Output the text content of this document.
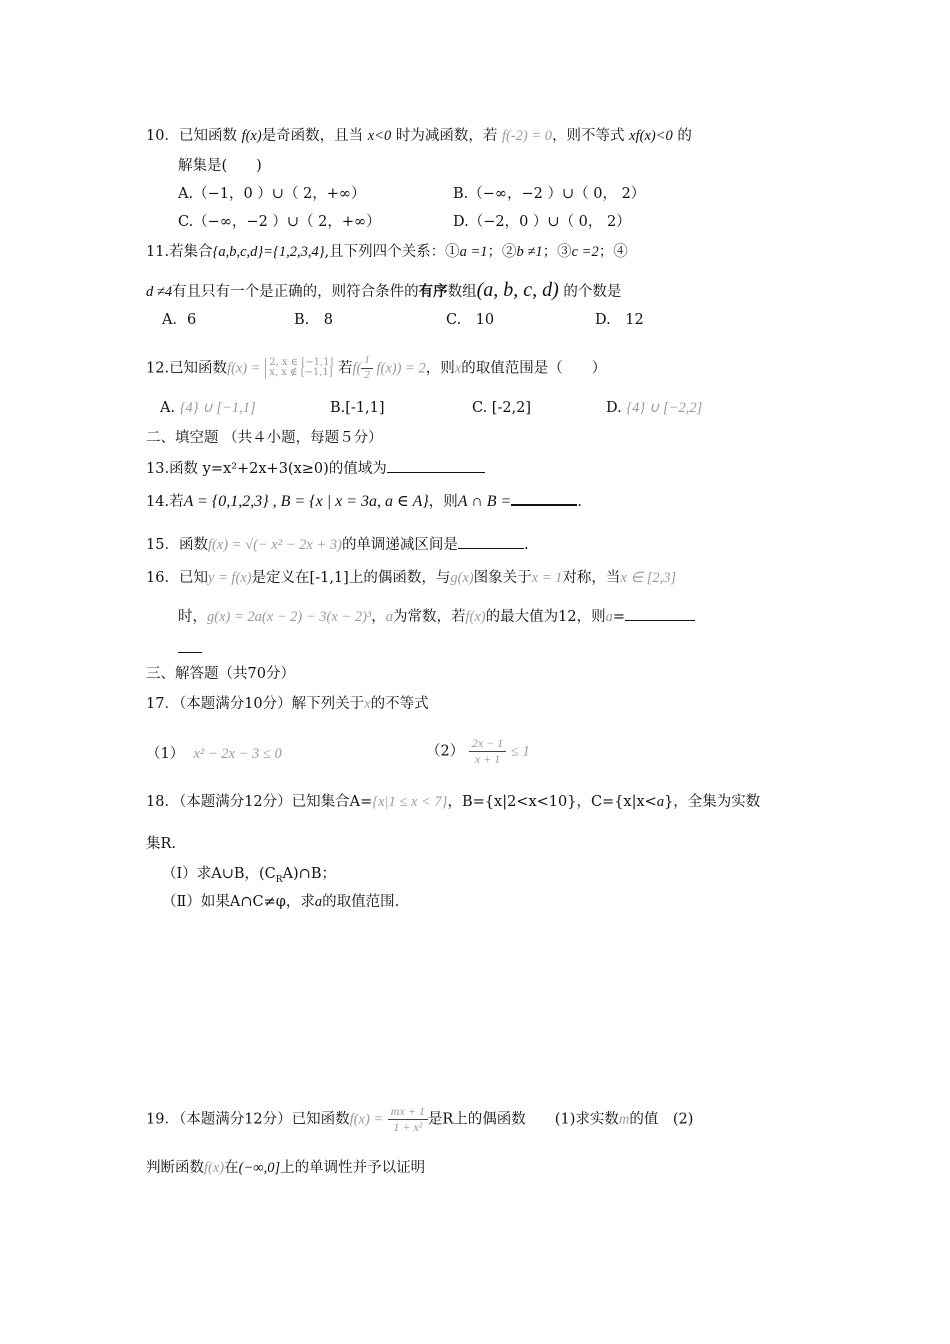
10．已知函数 f(x)是奇函数，且当 x<0 时为减函数，若 f(-2) = 0，则不等式 xf(x)<0 的
解集是(　　)
A.（−1，0 ）∪（ 2，+∞）	B.（−∞，−2 ）∪（ 0， 2）
C.（−∞，−2 ）∪（ 2，+∞）	D.（−2，0 ）∪（ 0， 2）
11.若集合{a,b,c,d}={1,2,3,4},且下列四个关系：①a =1；②b ≠1；③c =2；④
d ≠4有且只有一个是正确的，则符合条件的有序数组(a, b, c, d) 的个数是
A．6	B.　8	C.　10	D.　12
12.已知函数f(x) = 2, x ∈ [−1,1]
x, x ∉ [−1,1] 若$f( \frac{1}{2} f(x)) = 2$，则x的取值范围是（　　）
A. {4} ∪ [−1,1]	B.[-1,1]	C. [-2,2]	D. {4} ∪ [−2,2]
二、填空题 （共４小题，每题５分）
13.函数 y=x²+2x+3(x≥0)的值域为
14.若A = {0,1,2,3} , B = {x | x = 3a, a ∈ A}，则A ∩ B =	.
15．函数f(x) = √(− x² − 2x + 3)的单调递减区间是	.
16．已知y = f(x)是定义在[-1,1]上的偶函数，与g(x)图象关于x = 1对称，当x ∈ [2,3]
时，g(x) = 2a(x − 2) − 3(x − 2)³，a为常数，若f(x)的最大值为12，则a=
三、解答题（共70分）
17．（本题满分10分）解下列关于x的不等式
（1） x² − 2x − 3 ≤ 0	$(2) \frac{2x - 1}{x + 1} \le 1$
18．（本题满分12分）已知集合A={x|1 ≤ x < 7}，B={x|2<x<10}，C={x|x<a}，全集为实数
集R.
（Ⅰ）求A∪B，$(C_RA)\cap B$；
（Ⅱ）如果A∩C≠φ，求a的取值范围.
19．（本题满分12分）已知函数$f(x) = \frac{mx + 1}{\text{1 + x²}}$ 是R上的偶函数　　(1)求实数m的值　(2)
判断函数f(x)在(−∞,0]上的单调性并予以证明
